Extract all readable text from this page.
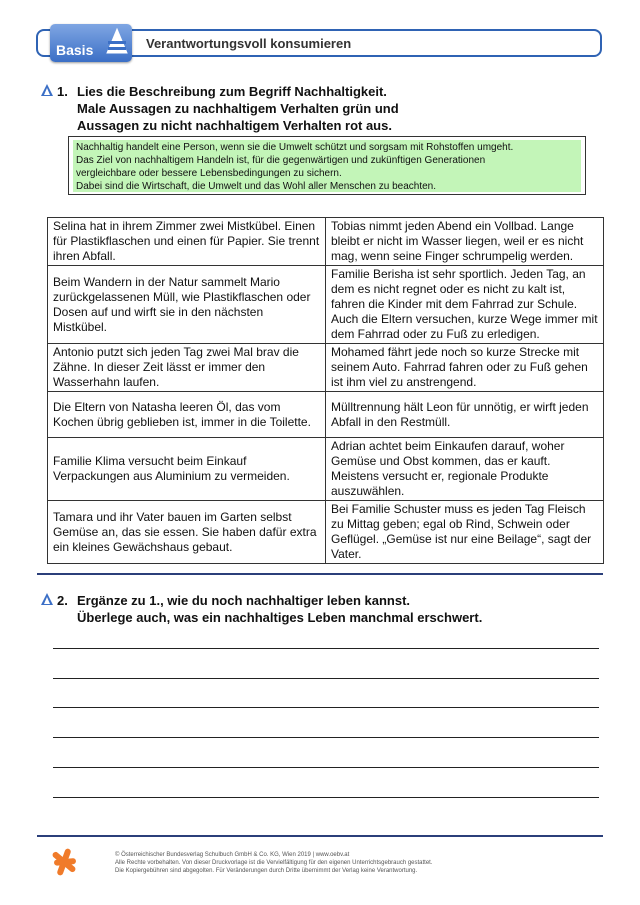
Basis	Verantwortungsvoll konsumieren
1. Lies die Beschreibung zum Begriff Nachhaltigkeit.
Male Aussagen zu nachhaltigem Verhalten grün und
Aussagen zu nicht nachhaltigem Verhalten rot aus.
Nachhaltig handelt eine Person, wenn sie die Umwelt schützt und sorgsam mit Rohstoffen umgeht.
Das Ziel von nachhaltigem Handeln ist, für die gegenwärtigen und zukünftigen Generationen
vergleichbare oder bessere Lebensbedingungen zu sichern.
Dabei sind die Wirtschaft, die Umwelt und das Wohl aller Menschen zu beachten.
Selina hat in ihrem Zimmer zwei Mistkübel. Einen für Plastikflaschen und einen für Papier. Sie trennt ihren Abfall.	Tobias nimmt jeden Abend ein Vollbad. Lange bleibt er nicht im Wasser liegen, weil er es nicht mag, wenn seine Finger schrumpelig werden.
Beim Wandern in der Natur sammelt Mario zurückgelassenen Müll, wie Plastikflaschen oder Dosen auf und wirft sie in den nächsten Mistkübel.	Familie Berisha ist sehr sportlich. Jeden Tag, an dem es nicht regnet oder es nicht zu kalt ist, fahren die Kinder mit dem Fahrrad zur Schule. Auch die Eltern versuchen, kurze Wege immer mit dem Fahrrad oder zu Fuß zu erledigen.
Antonio putzt sich jeden Tag zwei Mal brav die Zähne. In dieser Zeit lässt er immer den Wasserhahn laufen.	Mohamed fährt jede noch so kurze Strecke mit seinem Auto. Fahrrad fahren oder zu Fuß gehen ist ihm viel zu anstrengend.
Die Eltern von Natasha leeren Öl, das vom Kochen übrig geblieben ist, immer in die Toilette.	Mülltrennung hält Leon für unnötig, er wirft jeden Abfall in den Restmüll.
Familie Klima versucht beim Einkauf Verpackungen aus Aluminium zu vermeiden.	Adrian achtet beim Einkaufen darauf, woher Gemüse und Obst kommen, das er kauft. Meistens versucht er, regionale Produkte auszuwählen.
Tamara und ihr Vater bauen im Garten selbst Gemüse an, das sie essen. Sie haben dafür extra ein kleines Gewächshaus gebaut.	Bei Familie Schuster muss es jeden Tag Fleisch zu Mittag geben; egal ob Rind, Schwein oder Geflügel. „Gemüse ist nur eine Beilage“, sagt der Vater.
2. Ergänze zu 1., wie du noch nachhaltiger leben kannst.
Überlege auch, was ein nachhaltiges Leben manchmal erschwert.
© Österreichischer Bundesverlag Schulbuch GmbH & Co. KG, Wien 2019 | www.oebv.at
Alle Rechte vorbehalten. Von dieser Druckvorlage ist die Vervielfältigung für den eigenen Unterrichtsgebrauch gestattet.
Die Kopiergebühren sind abgegolten. Für Veränderungen durch Dritte übernimmt der Verlag keine Verantwortung.
